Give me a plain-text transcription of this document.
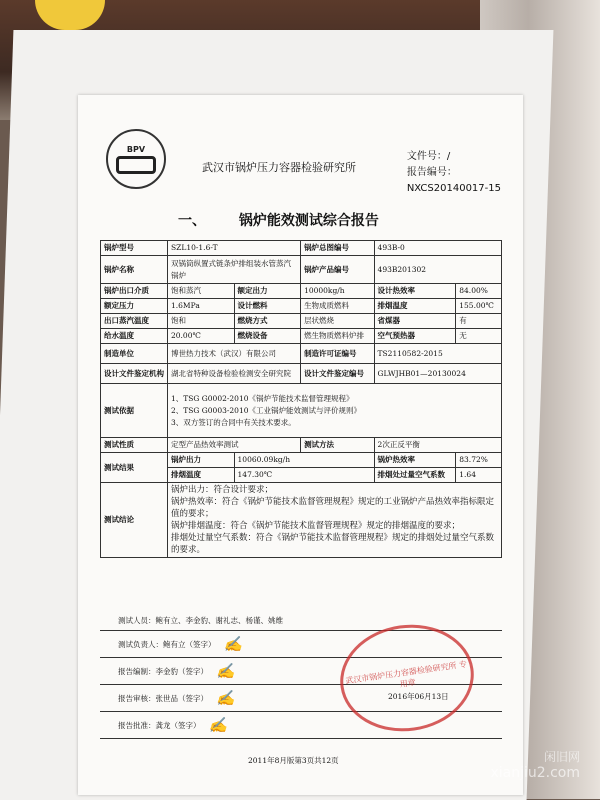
BPV
武汉市锅炉压力容器检验研究所
文件号：/
报告编号：
NXCS20140017-15
一、 锅炉能效测试综合报告
锅炉型号	SZL10-1.6-T		锅炉总图编号	493B-0	
锅炉名称	双锅筒纵置式链条炉排组装水管蒸汽锅炉		锅炉产品编号	493B201302	
锅炉出口介质	饱和蒸汽	额定出力	10000kg/h	设计热效率	84.00%
额定压力	1.6MPa	设计燃料	生物成质燃料	排烟温度	155.00℃
出口蒸汽温度	饱和	燃烧方式	层状燃烧	省煤器	有
给水温度	20.00℃	燃烧设备	燃生物质燃料炉排	空气预热器	无
制造单位	博世热力技术（武汉）有限公司		制造许可证编号	TS2110582-2015	
设计文件鉴定机构	湖北省特种设备检验检测安全研究院		设计文件鉴定编号	GLWJHB01—20130024	
测试依据	1、TSG G0002-2010《锅炉节能技术监督管理规程》
2、TSG G0003-2010《工业锅炉能效测试与评价规则》
3、双方签订的合同中有关技术要求。				

测试性质	定型产品热效率测试		测试方法	2次正反平衡	
测试结果	锅炉出力	10060.09kg/h		锅炉热效率	83.72%
	排烟温度	147.30℃		排烟处过量空气系数	1.64
测试结论	锅炉出力：符合设计要求；
锅炉热效率：符合《锅炉节能技术监督管理规程》规定的工业锅炉产品热效率指标限定值的要求；
锅炉排烟温度：符合《锅炉节能技术监督管理规程》规定的排烟温度的要求；
排烟处过量空气系数：符合《锅炉节能技术监督管理规程》规定的排烟处过量空气系数的要求。				
测试人员：鲍有立、李金豹、谢礼志、杨谨、姚维
测试负责人：鲍有立（签字） ✍
报告编制：李金豹（签字） ✍
报告审核：张世品（签字） ✍
报告批准：龚龙（签字） ✍
武汉市锅炉压力容器检验研究所 专用章
2016年06月13日
2011年8月版第3页共12页	闲旧网
xianjiu2.com
